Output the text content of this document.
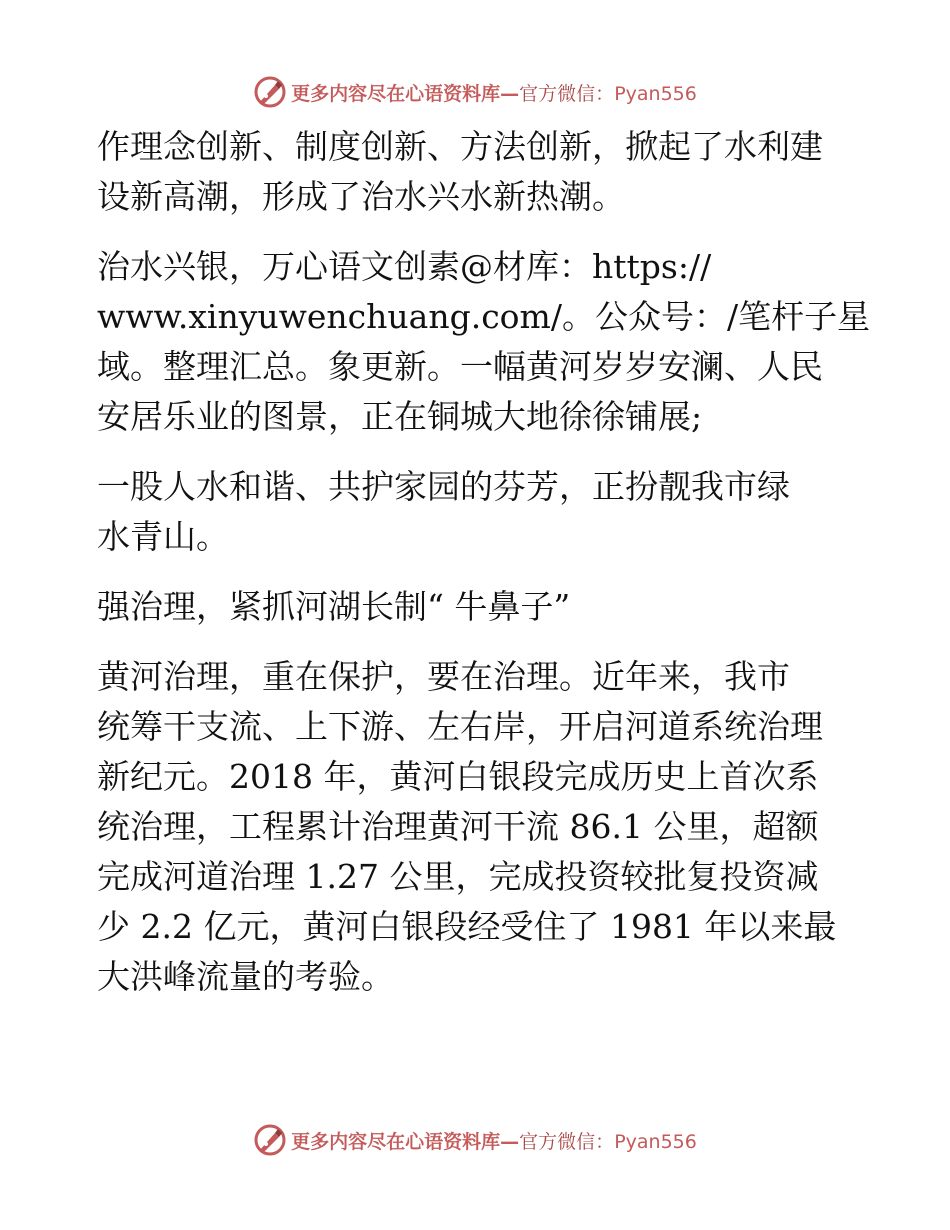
更多内容尽在心语资料库—官方微信：Pyan556
作理念创新、制度创新、方法创新，掀起了水利建
设新高潮，形成了治水兴水新热潮。
治水兴银，万心语文创素@材库：https://
www.xinyuwenchuang.com/。公众号：/笔杆子星
域。整理汇总。象更新。一幅黄河岁岁安澜、人民
安居乐业的图景，正在铜城大地徐徐铺展;
一股人水和谐、共护家园的芬芳，正扮靓我市绿
水青山。
强治理，紧抓河湖长制“ 牛鼻子”
黄河治理，重在保护，要在治理。近年来，我市
统筹干支流、上下游、左右岸，开启河道系统治理
新纪元。2018 年，黄河白银段完成历史上首次系
统治理，工程累计治理黄河干流 86.1 公里，超额
完成河道治理 1.27 公里，完成投资较批复投资减
少 2.2 亿元，黄河白银段经受住了 1981 年以来最
大洪峰流量的考验。
更多内容尽在心语资料库—官方微信：Pyan556
